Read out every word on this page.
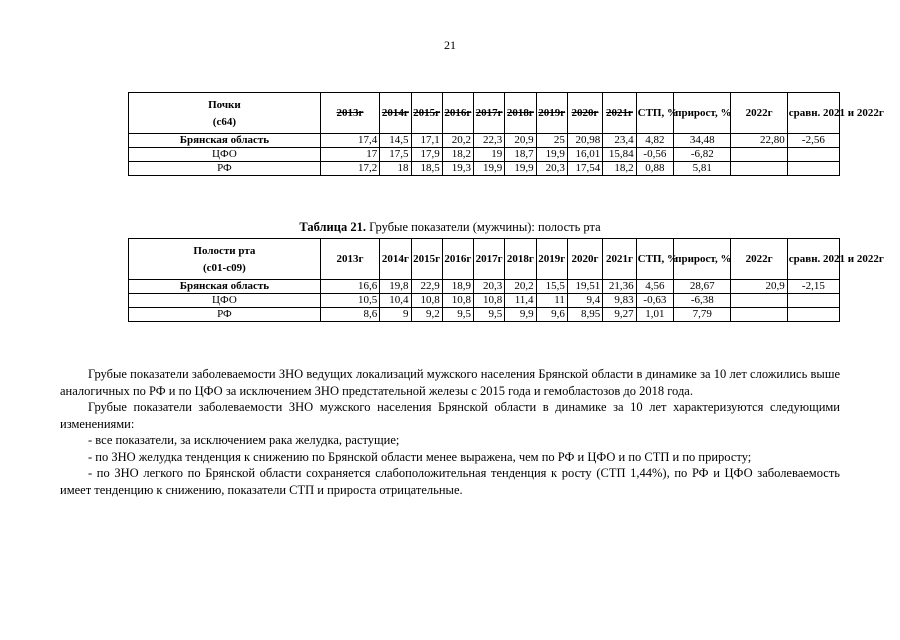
21
Почки
(с64)	2013г	2014г	2015г	2016г	2017г	2018г	2019г	2020г	2021г	СТП, %	прирост, %	2022г	сравн. 2021 и 2022г
Брянская область	17,4	14,5	17,1	20,2	22,3	20,9	25	20,98	23,4	4,82	34,48	22,80	-2,56
ЦФО	17	17,5	17,9	18,2	19	18,7	19,9	16,01	15,84	-0,56	-6,82		
РФ	17,2	18	18,5	19,3	19,9	19,9	20,3	17,54	18,2	0,88	5,81		
Таблица 21. Грубые показатели (мужчины): полость рта
Полости рта
(с01-с09)	2013г	2014г	2015г	2016г	2017г	2018г	2019г	2020г	2021г	СТП, %	прирост, %	2022г	сравн. 2021 и 2022г
Брянская область	16,6	19,8	22,9	18,9	20,3	20,2	15,5	19,51	21,36	4,56	28,67	20,9	-2,15
ЦФО	10,5	10,4	10,8	10,8	10,8	11,4	11	9,4	9,83	-0,63	-6,38		
РФ	8,6	9	9,2	9,5	9,5	9,9	9,6	8,95	9,27	1,01	7,79		

Грубые показатели заболеваемости ЗНО ведущих локализаций мужского населения Брянской области в динамике за 10 лет сложились выше аналогичных по РФ и по ЦФО за исключением ЗНО предстательной железы с 2015 года и гемобластозов до 2018 года.

Грубые показатели заболеваемости ЗНО мужского населения Брянской области в динамике за 10 лет характеризуются следующими изменениями:

- все показатели, за исключением рака желудка, растущие;

- по ЗНО желудка тенденция к снижению по Брянской области менее выражена, чем по РФ и ЦФО и по СТП и по приросту;

- по ЗНО легкого по Брянской области сохраняется слабоположительная тенденция к росту (СТП 1,44%), по РФ и ЦФО заболеваемость имеет тенденцию к снижению, показатели СТП и прироста отрицательные.
